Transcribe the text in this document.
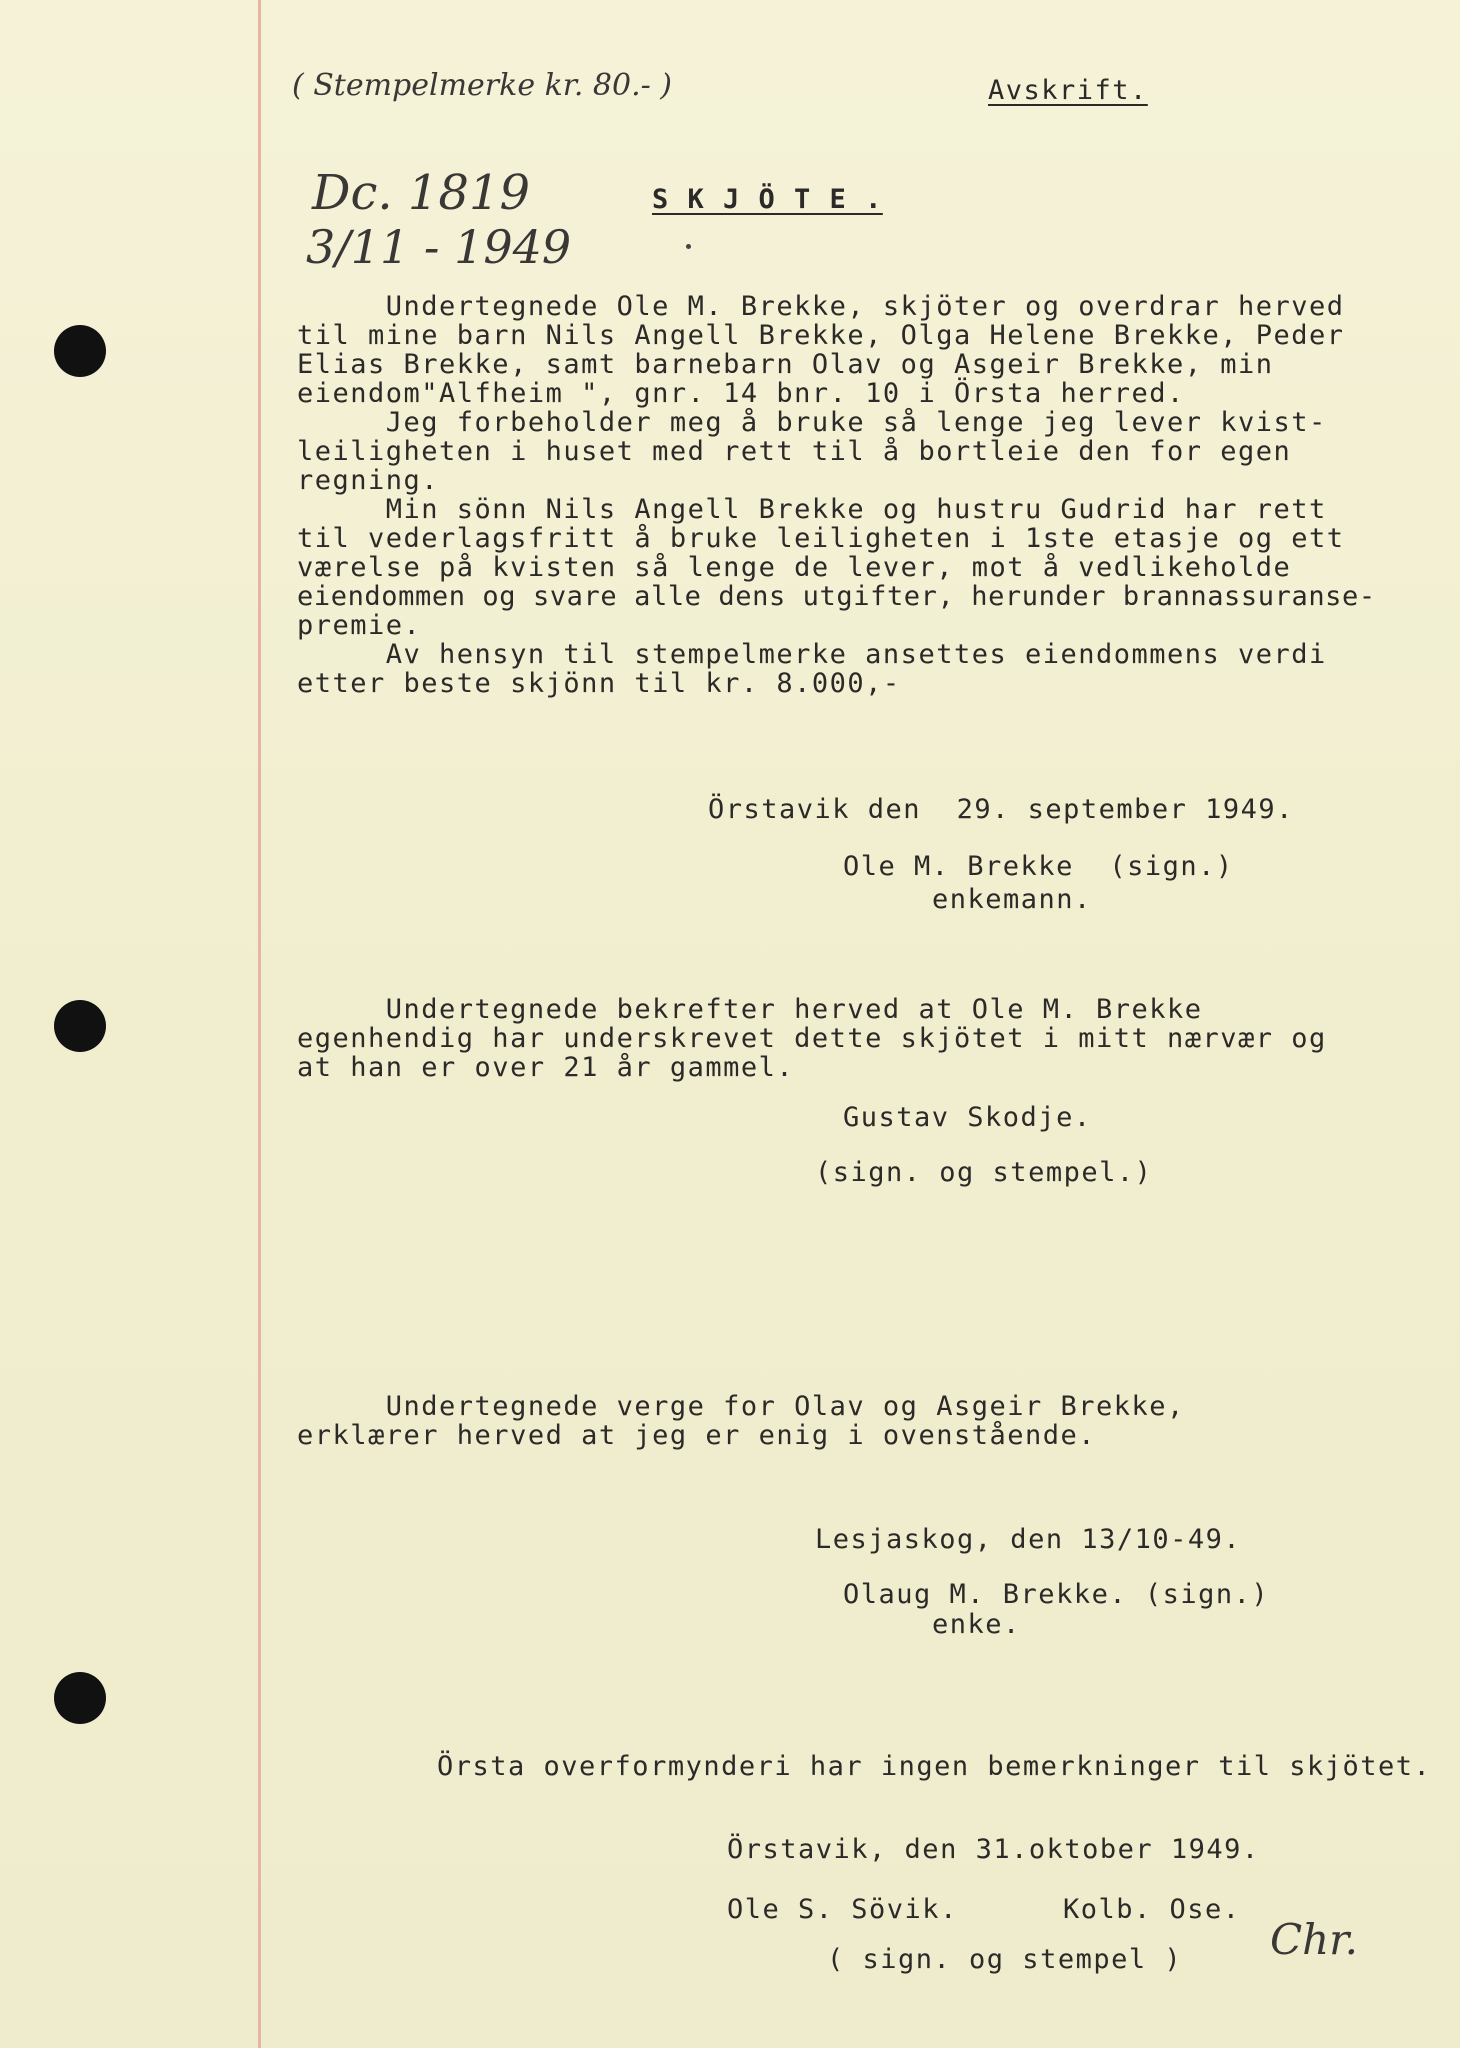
( Stempelmerke kr. 80.- )
Dc. 1819
3/11 - 1949
Avskrift.
S K J Ö T E .
Undertegnede Ole M. Brekke, skjöter og overdrar herved
til mine barn Nils Angell Brekke, Olga Helene Brekke, Peder
Elias Brekke, samt barnebarn Olav og Asgeir Brekke, min
eiendom"Alfheim ", gnr. 14 bnr. 10 i Örsta herred.
Jeg forbeholder meg å bruke så lenge jeg lever kvist-
leiligheten i huset med rett til å bortleie den for egen
regning.
Min sönn Nils Angell Brekke og hustru Gudrid har rett
til vederlagsfritt å bruke leiligheten i 1ste etasje og ett
værelse på kvisten så lenge de lever, mot å vedlikeholde
eiendommen og svare alle dens utgifter, herunder brannassuranse-
premie.
Av hensyn til stempelmerke ansettes eiendommens verdi
etter beste skjönn til kr. 8.000,-
Örstavik den  29. september 1949.
Ole M. Brekke  (sign.)
enkemann.
Undertegnede bekrefter herved at Ole M. Brekke
egenhendig har underskrevet dette skjötet i mitt nærvær og
at han er over 21 år gammel.
Gustav Skodje.
(sign. og stempel.)
Undertegnede verge for Olav og Asgeir Brekke,
erklærer herved at jeg er enig i ovenstående.
Lesjaskog, den 13/10-49.
Olaug M. Brekke. (sign.)
enke.
Örsta overformynderi har ingen bemerkninger til skjötet.
Örstavik, den 31.oktober 1949.
Ole S. Sövik.	Kolb. Ose.
( sign. og stempel ) Chr.
